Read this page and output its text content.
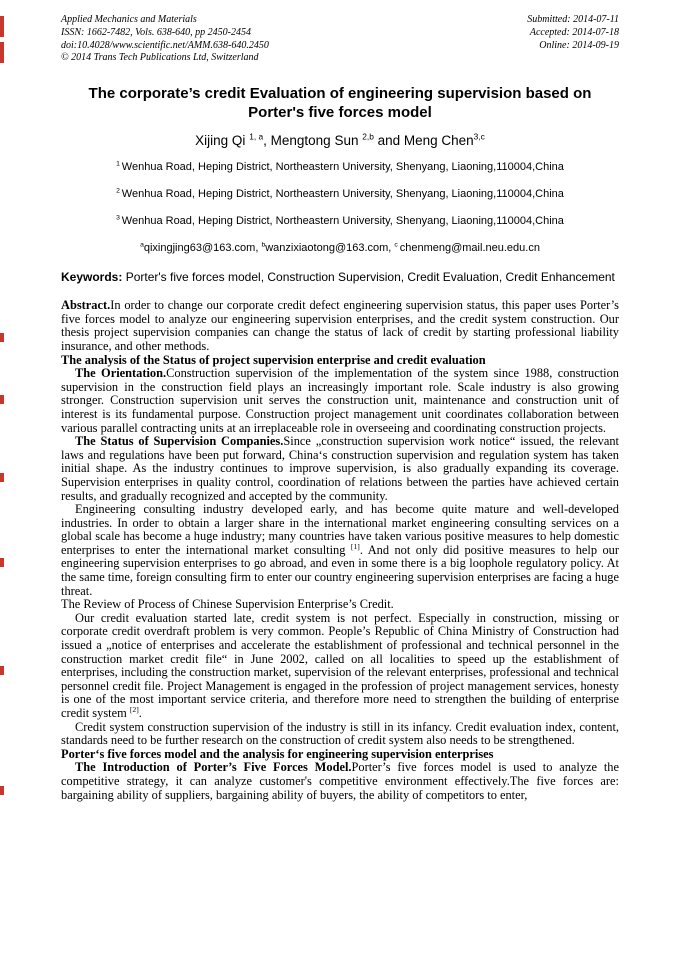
Applied Mechanics and Materials
ISSN: 1662-7482, Vols. 638-640, pp 2450-2454
doi:10.4028/www.scientific.net/AMM.638-640.2450
© 2014 Trans Tech Publications Ltd, Switzerland
Submitted: 2014-07-11
Accepted: 2014-07-18
Online: 2014-09-19
The corporate’s credit Evaluation of engineering supervision based on Porter's five forces model
Xijing Qi $^{1, a}$, Mengtong Sun $^{2,b}$ and Meng Chen$^{3,c}$
$^1$ Wenhua Road, Heping District, Northeastern University, Shenyang, Liaoning,110004,China
$^2$ Wenhua Road, Heping District, Northeastern University, Shenyang, Liaoning,110004,China
$^3$ Wenhua Road, Heping District, Northeastern University, Shenyang, Liaoning,110004,China
$^a$qixingjing63@163.com, $^b$wanzixiaotong@163.com, $^c$ chenmeng@mail.neu.edu.cn

Keywords: Porter's five forces model, Construction Supervision, Credit Evaluation, Credit Enhancement

Abstract.In order to change our corporate credit defect engineering supervision status, this paper uses Porter’s five forces model to analyze our engineering supervision enterprises, and the credit system construction. Our thesis project supervision companies can change the status of lack of credit by starting professional liability insurance, and other methods.

The analysis of the Status of project supervision enterprise and credit evaluation

The Orientation.Construction supervision of the implementation of the system since 1988, construction supervision in the construction field plays an increasingly important role. Scale industry is also growing stronger. Construction supervision unit serves the construction unit, maintenance and construction unit of interest is its fundamental purpose. Construction project management unit coordinates collaboration between various parallel contracting units at an irreplaceable role in overseeing and coordinating construction projects.

The Status of Supervision Companies.Since „construction supervision work notice“ issued, the relevant laws and regulations have been put forward, China‘s construction supervision and regulation system has taken initial shape. As the industry continues to improve supervision, is also gradually expanding its coverage. Supervision enterprises in quality control, coordination of relations between the parties have achieved certain results, and gradually recognized and accepted by the community.

Engineering consulting industry developed early, and has become quite mature and well-developed industries. In order to obtain a larger share in the international market engineering consulting services on a global scale has become a huge industry; many countries have taken various positive measures to help domestic enterprises to enter the international market consulting [1]. And not only did positive measures to help our engineering supervision enterprises to go abroad, and even in some there is a big loophole regulatory policy. At the same time, foreign consulting firm to enter our country engineering supervision enterprises are facing a huge threat.

The Review of Process of Chinese Supervision Enterprise’s Credit.

Our credit evaluation started late, credit system is not perfect. Especially in construction, missing or corporate credit overdraft problem is very common. People’s Republic of China Ministry of Construction had issued a „notice of enterprises and accelerate the establishment of professional and technical personnel in the construction market credit file“ in June 2002, called on all localities to speed up the establishment of enterprises, including the construction market, supervision of the relevant enterprises, professional and technical personnel credit file. Project Management is engaged in the profession of project management services, honesty is one of the most important service criteria, and therefore more need to strengthen the building of enterprise credit system [2].

Credit system construction supervision of the industry is still in its infancy. Credit evaluation index, content, standards need to be further research on the construction of credit system also needs to be strengthened.

Porter‘s five forces model and the analysis for engineering supervision enterprises

The Introduction of Porter’s Five Forces Model.Porter’s five forces model is used to analyze the competitive strategy, it can analyze customer's competitive environment effectively.The five forces are: bargaining ability of suppliers, bargaining ability of buyers, the ability of competitors to enter,
